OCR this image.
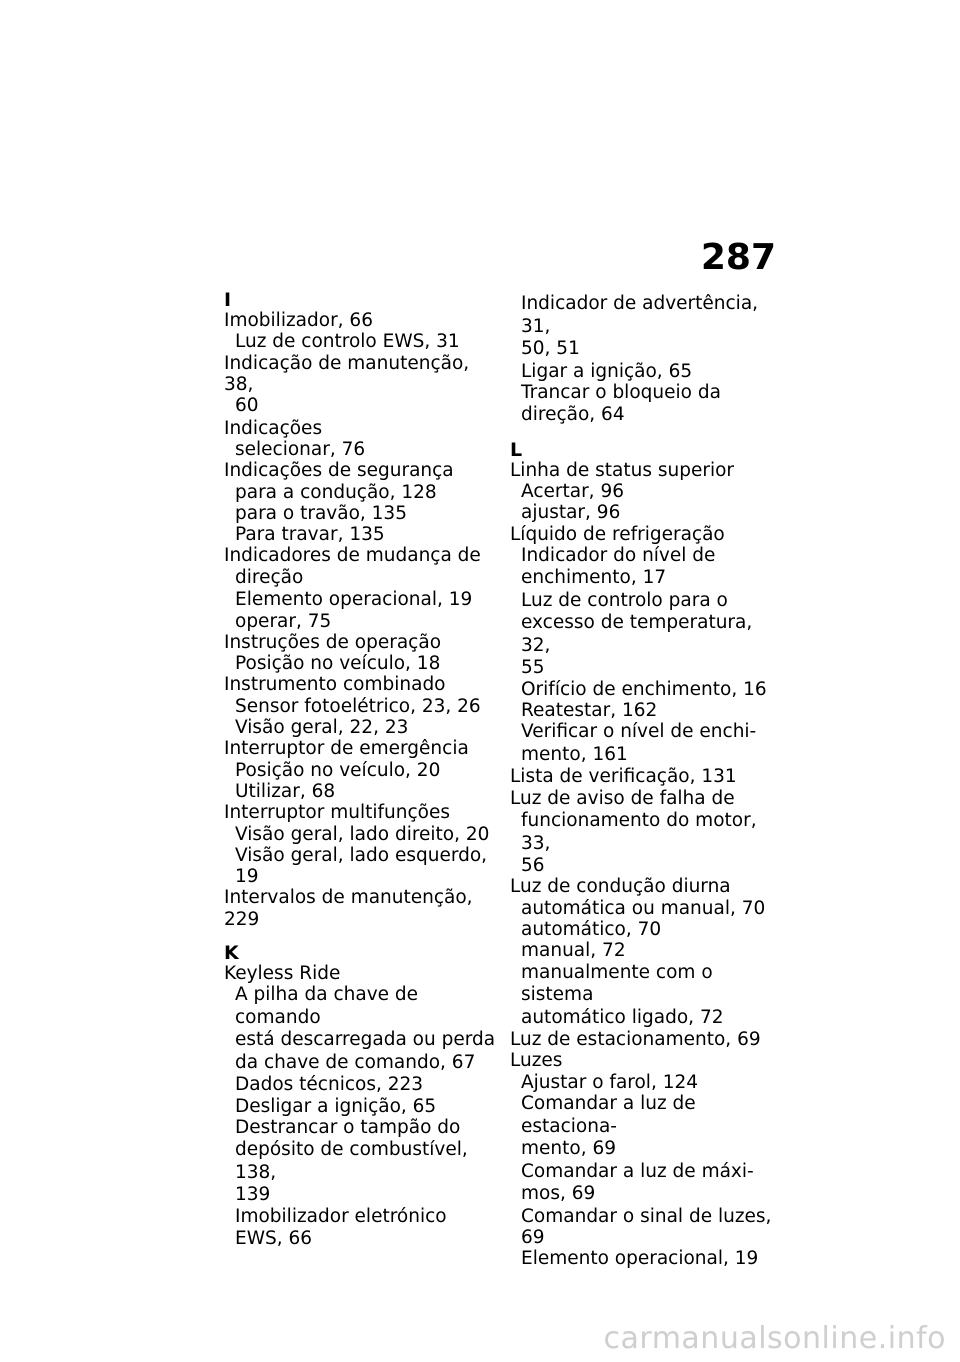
287
I
Imobilizador, 66
Luz de controlo EWS, 31
Indicação de manutenção, 38,
60
Indicações
selecionar, 76
Indicações de segurança
para a condução, 128
para o travão, 135
Para travar, 135
Indicadores de mudança de
direção
Elemento operacional, 19
operar, 75
Instruções de operação
Posição no veículo, 18
Instrumento combinado
Sensor fotoelétrico, 23, 26
Visão geral, 22, 23
Interruptor de emergência
Posição no veículo, 20
Utilizar, 68
Interruptor multifunções
Visão geral, lado direito, 20
Visão geral, lado esquerdo, 19
Intervalos de manutenção, 229
K
Keyless Ride
A pilha da chave de comando
está descarregada ou perda
da chave de comando, 67
Dados técnicos, 223
Desligar a ignição, 65
Destrancar o tampão do
depósito de combustível, 138,
139
Imobilizador eletrónico
EWS, 66
Indicador de advertência, 31,
50, 51
Ligar a ignição, 65
Trancar o bloqueio da
direção, 64
L
Linha de status superior
Acertar, 96
ajustar, 96
Líquido de refrigeração
Indicador do nível de
enchimento, 17
Luz de controlo para o
excesso de temperatura, 32,
55
Orifício de enchimento, 16
Reatestar, 162
Verificar o nível de enchi-
mento, 161
Lista de verificação, 131
Luz de aviso de falha de
funcionamento do motor, 33,
56
Luz de condução diurna
automática ou manual, 70
automático, 70
manual, 72
manualmente com o sistema
automático ligado, 72
Luz de estacionamento, 69
Luzes
Ajustar o farol, 124
Comandar a luz de estaciona-
mento, 69
Comandar a luz de máxi-
mos, 69
Comandar o sinal de luzes, 69
Elemento operacional, 19
carmanualsonline.info
